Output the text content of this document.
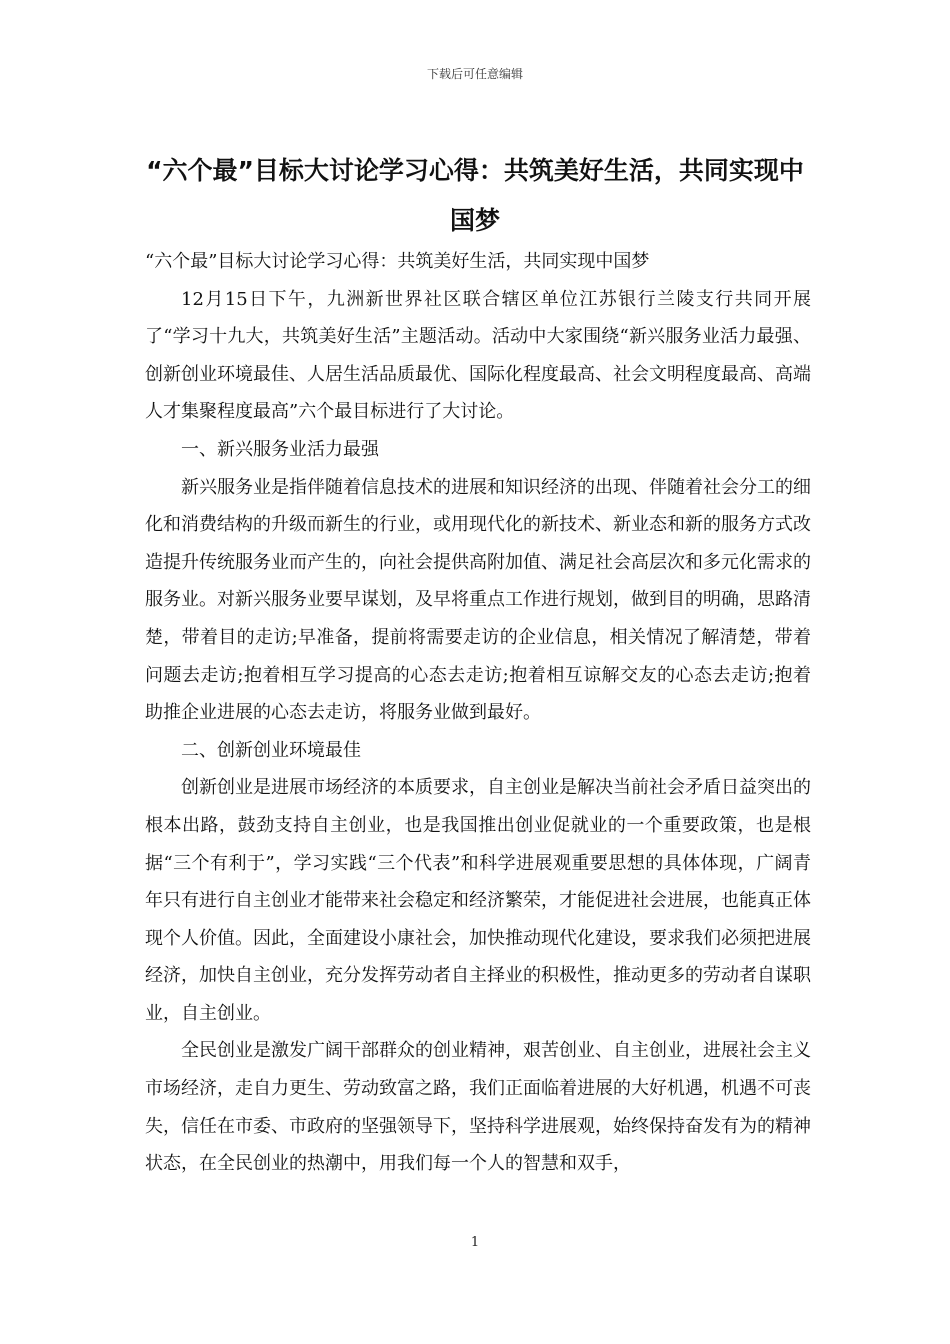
下载后可任意编辑
“六个最”目标大讨论学习心得：共筑美好生活，共同实现中国梦

“六个最”目标大讨论学习心得：共筑美好生活，共同实现中国梦

12月15日下午，九洲新世界社区联合辖区单位江苏银行兰陵支行共同开展了“学习十九大，共筑美好生活”主题活动。活动中大家围绕“新兴服务业活力最强、创新创业环境最佳、人居生活品质最优、国际化程度最高、社会文明程度最高、高端人才集聚程度最高”六个最目标进行了大讨论。

一、新兴服务业活力最强

新兴服务业是指伴随着信息技术的进展和知识经济的出现、伴随着社会分工的细化和消费结构的升级而新生的行业，或用现代化的新技术、新业态和新的服务方式改造提升传统服务业而产生的，向社会提供高附加值、满足社会高层次和多元化需求的服务业。对新兴服务业要早谋划，及早将重点工作进行规划，做到目的明确，思路清楚，带着目的走访;早准备，提前将需要走访的企业信息，相关情况了解清楚，带着问题去走访;抱着相互学习提高的心态去走访;抱着相互谅解交友的心态去走访;抱着助推企业进展的心态去走访，将服务业做到最好。

二、创新创业环境最佳

创新创业是进展市场经济的本质要求，自主创业是解决当前社会矛盾日益突出的根本出路，鼓劲支持自主创业，也是我国推出创业促就业的一个重要政策，也是根据“三个有利于”，学习实践“三个代表”和科学进展观重要思想的具体体现，广阔青年只有进行自主创业才能带来社会稳定和经济繁荣，才能促进社会进展，也能真正体现个人价值。因此，全面建设小康社会，加快推动现代化建设，要求我们必须把进展经济，加快自主创业，充分发挥劳动者自主择业的积极性，推动更多的劳动者自谋职业，自主创业。

全民创业是激发广阔干部群众的创业精神，艰苦创业、自主创业，进展社会主义市场经济，走自力更生、劳动致富之路，我们正面临着进展的大好机遇，机遇不可丧失，信任在市委、市政府的坚强领导下，坚持科学进展观，始终保持奋发有为的精神状态，在全民创业的热潮中，用我们每一个人的智慧和双手，

1
